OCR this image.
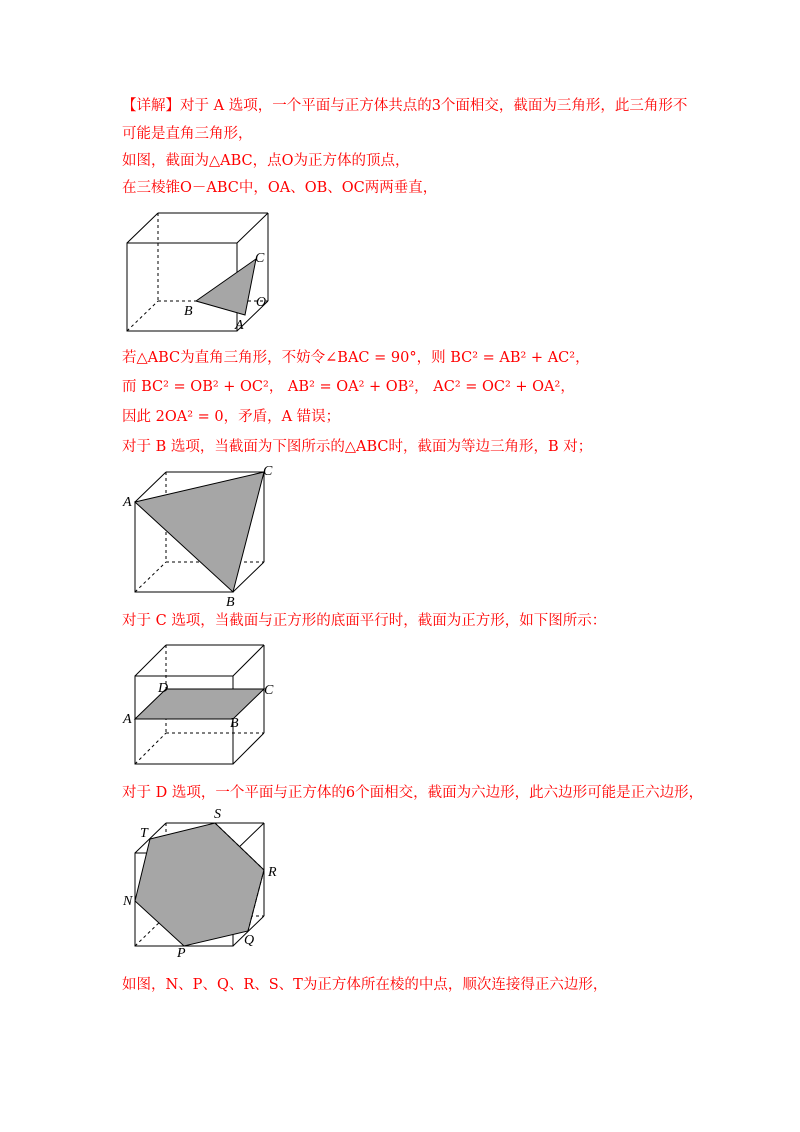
【详解】对于 A 选项，一个平面与正方体共点的3个面相交，截面为三角形，此三角形不
可能是直角三角形，
如图，截面为△ABC，点O为正方体的顶点，
在三棱锥O－ABC中，OA、OB、OC两两垂直，
C
O
B
A
若△ABC为直角三角形，不妨令∠BAC = 90°，则 BC² = AB² + AC²，
而 BC² = OB² + OC²， AB² = OA² + OB²， AC² = OC² + OA²，
因此 2OA² = 0，矛盾，A 错误；
对于 B 选项，当截面为下图所示的△ABC时，截面为等边三角形，B 对；
A
B
C
对于 C 选项，当截面与正方形的底面平行时，截面为正方形，如下图所示：
D	C
A	B
对于 D 选项，一个平面与正方体的6个面相交，截面为六边形，此六边形可能是正六边形，
T
S
R
N
P
Q
如图，N、P、Q、R、S、T为正方体所在棱的中点，顺次连接得正六边形，
